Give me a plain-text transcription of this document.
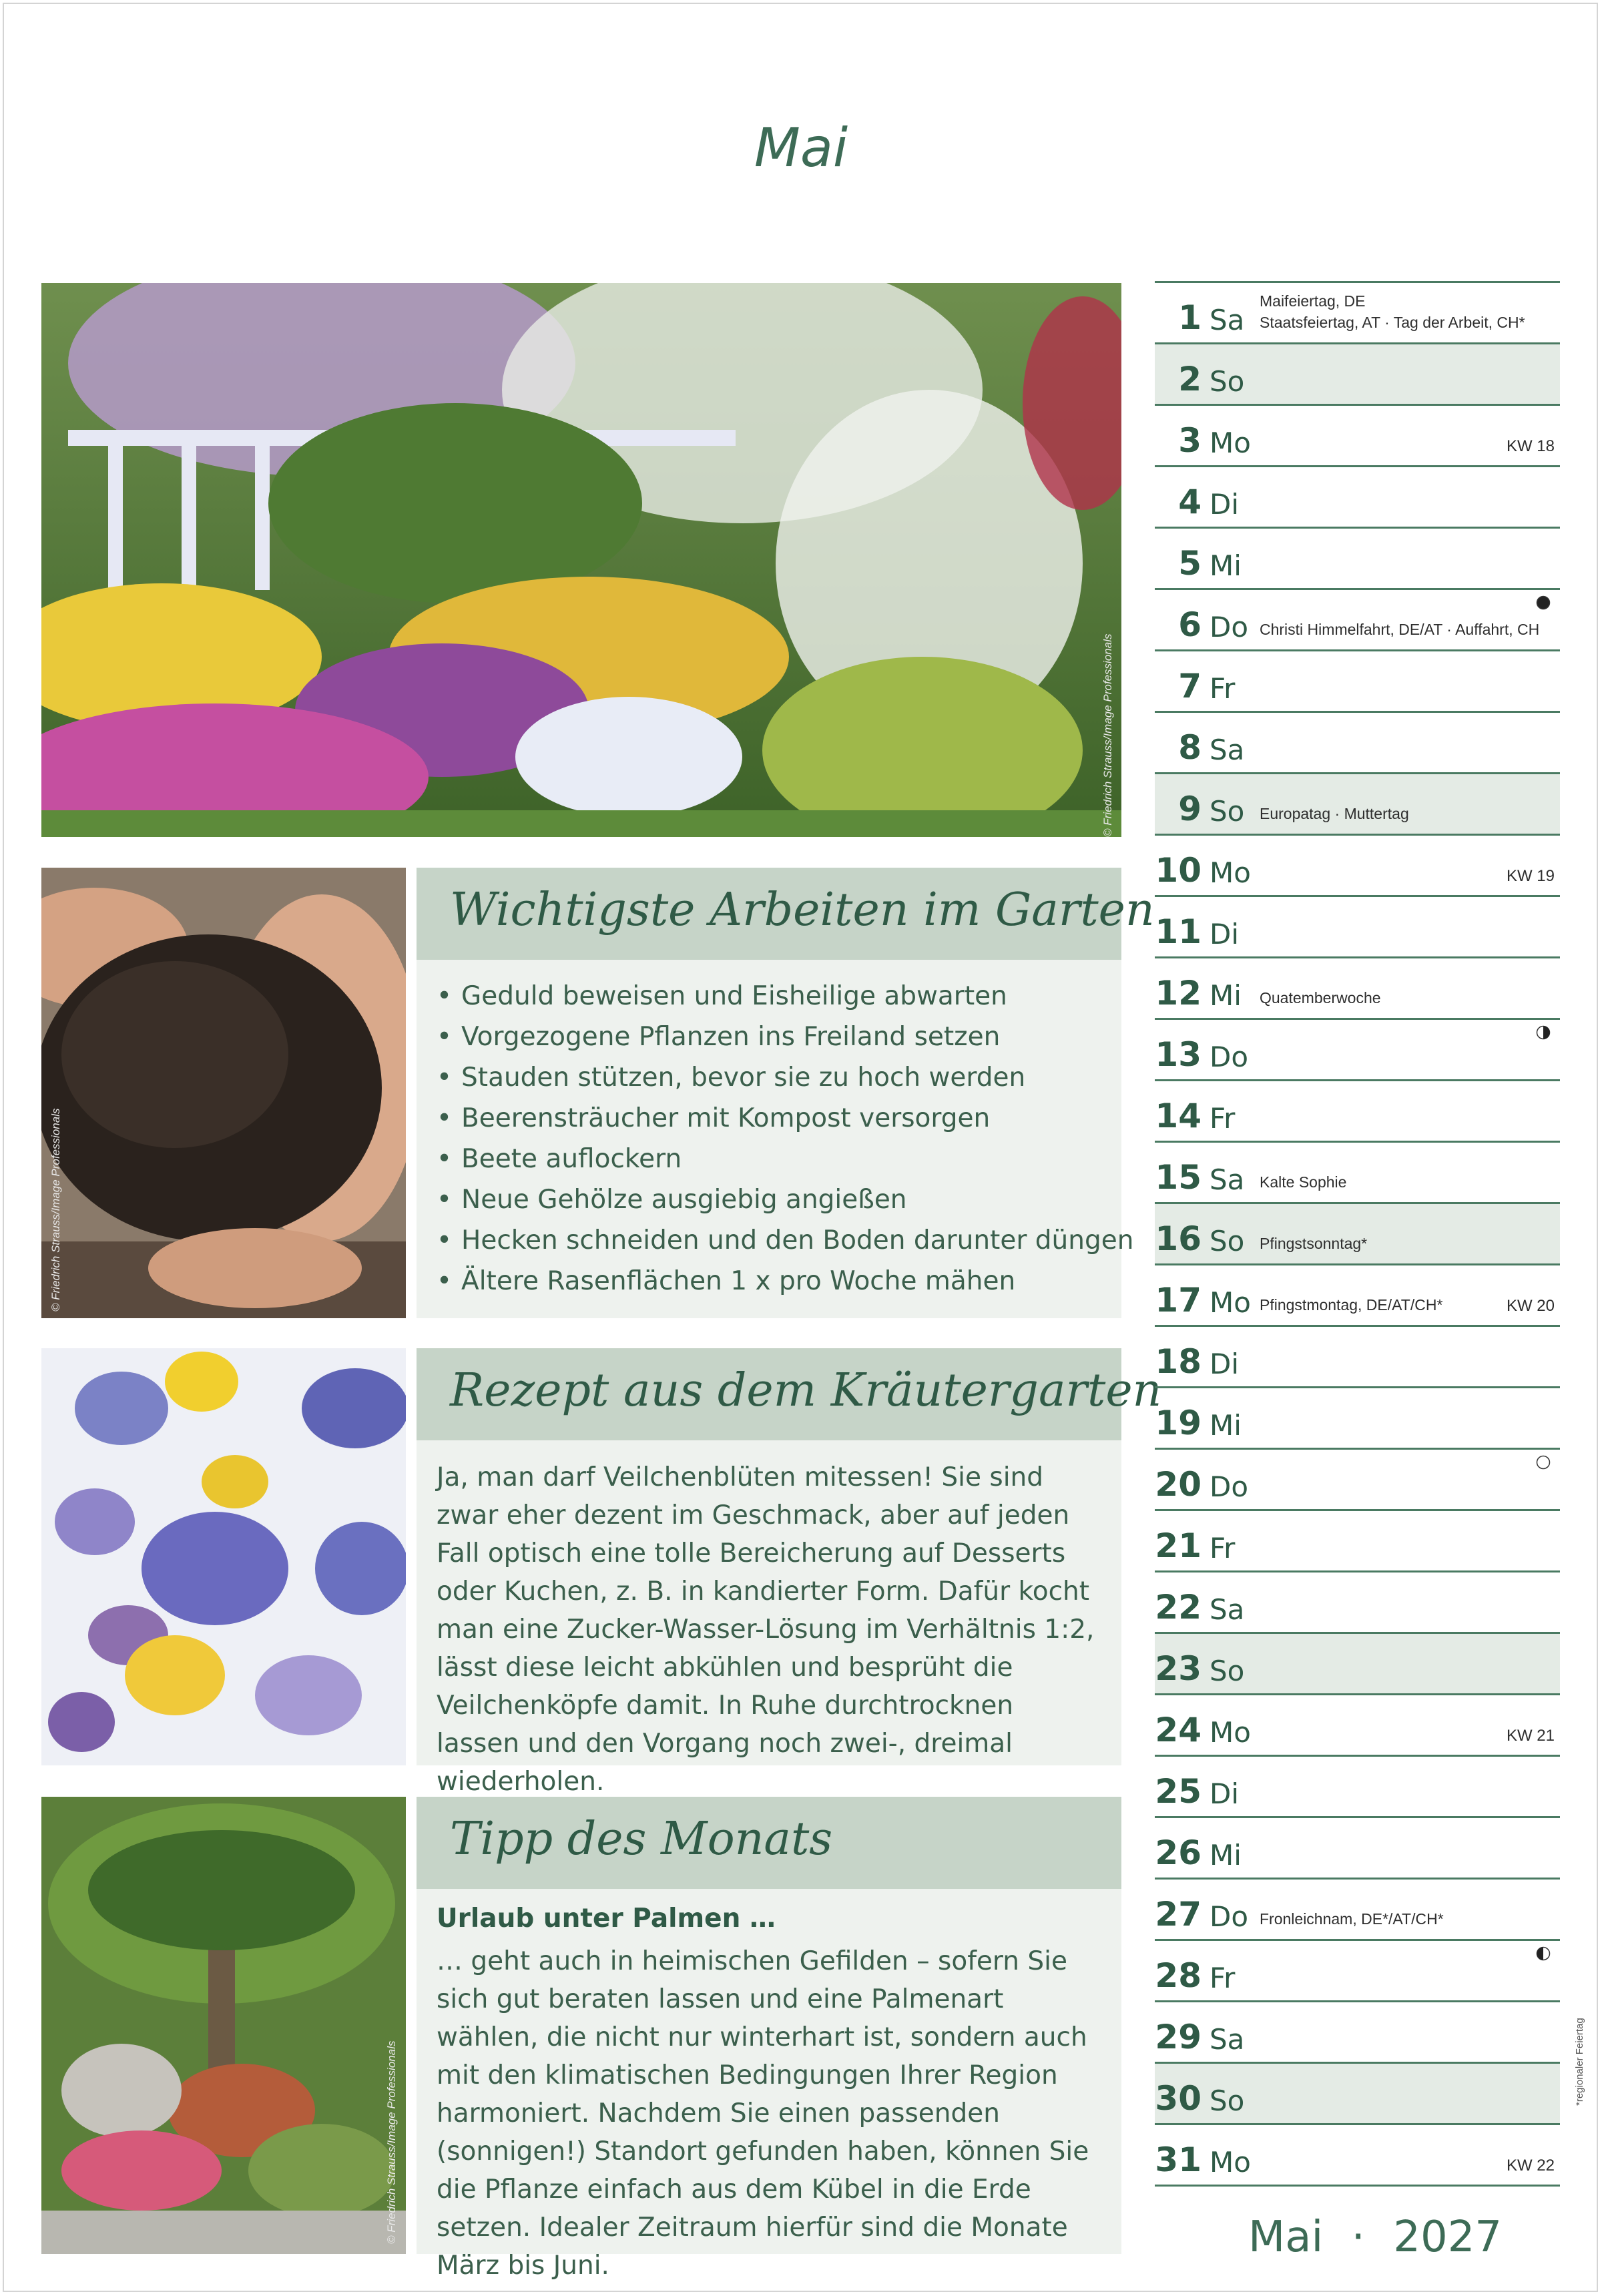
Mai
© Friedrich Strauss/Image Professionals
© Friedrich Strauss/Image Professionals
© Friedrich Strauss/Image Professionals
Wichtigste Arbeiten im Garten
• Geduld beweisen und Eisheilige abwarten
• Vorgezogene Pflanzen ins Freiland setzen
• Stauden stützen, bevor sie zu hoch werden
• Beerensträucher mit Kompost versorgen
• Beete auflockern
• Neue Gehölze ausgiebig angießen
• Hecken schneiden und den Boden darunter düngen
• Ältere Rasenflächen 1 x pro Woche mähen
Rezept aus dem Kräutergarten

Ja, man darf Veilchenblüten mitessen! Sie sind zwar eher dezent im Geschmack, aber auf jeden Fall optisch eine tolle Bereicherung auf Desserts oder Kuchen, z. B. in kandierter Form. Dafür kocht man eine Zucker-Wasser-Lösung im Verhältnis 1:2, lässt diese leicht abkühlen und besprüht die Veilchenköpfe damit. In Ruhe durchtrocknen lassen und den Vorgang noch zwei-, dreimal wiederholen.

Tipp des Monats
Urlaub unter Palmen …

… geht auch in heimischen Gefilden – sofern Sie sich gut beraten lassen und eine Palmenart wählen, die nicht nur winterhart ist, sondern auch mit den klimatischen Bedingungen Ihrer Region harmoniert. Nachdem Sie einen passenden (sonnigen!) Standort gefunden haben, können Sie die Pflanze einfach aus dem Kübel in die Erde setzen. Idealer Zeitraum hierfür sind die Monate März bis Juni.

1 Sa
Maifeiertag, DE
Staatsfeiertag, AT · Tag der Arbeit, CH*
2 So
3 Mo	KW 18
4 Di
5 Mi
6 Do Christi Himmelfahrt, DE/AT · Auffahrt, CH
7 Fr
8 Sa
9 So Europatag · Muttertag
10 Mo	KW 19
11 Di
12 Mi Quatemberwoche
13 Do
14 Fr
15 Sa Kalte Sophie
16 So Pfingstsonntag*
17 Mo Pfingstmontag, DE/AT/CH*	KW 20
18 Di
19 Mi
20 Do
21 Fr
22 Sa
23 So
24 Mo	KW 21
25 Di
26 Mi
27 Do Fronleichnam, DE*/AT/CH*
28 Fr
29 Sa
30 So
31 Mo	KW 22
*regionaler Feiertag
Mai · 2027
